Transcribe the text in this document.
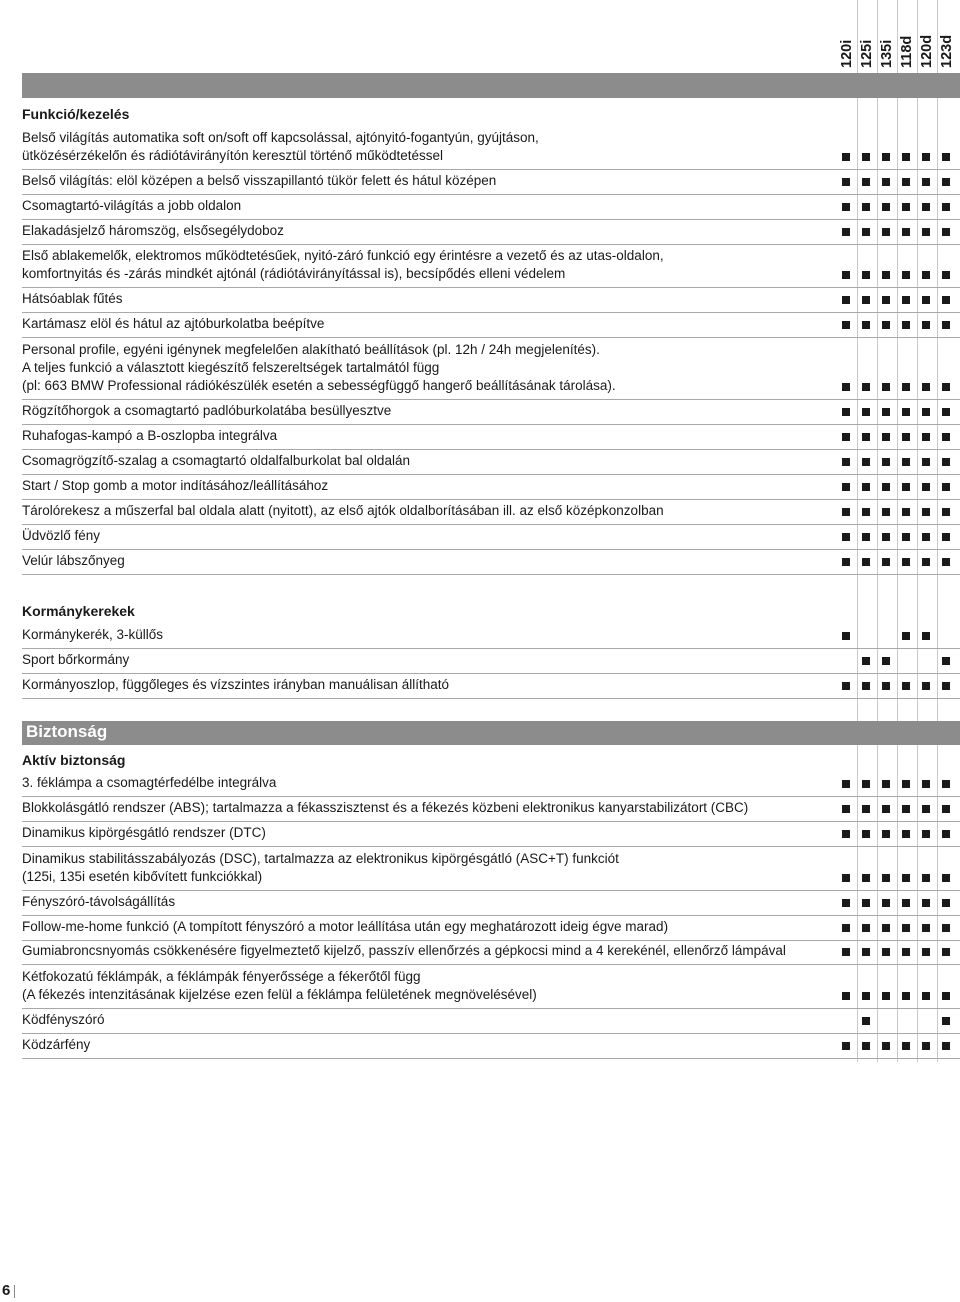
120i 125i 135i 118d 120d 123d
Funkció/kezelés
Belső világítás automatika soft on/soft off kapcsolással, ajtónyitó-fogantyún, gyújtáson,
ütközésérzékelőn és rádiótávirányítón keresztül történő működtetéssel
Belső világítás: elöl középen a belső visszapillantó tükör felett és hátul középen
Csomagtartó-világítás a jobb oldalon
Elakadásjelző háromszög, elsősegélydoboz
Első ablakemelők, elektromos működtetésűek, nyitó-záró funkció egy érintésre a vezető és az utas-oldalon,
komfortnyitás és -zárás mindkét ajtónál (rádiótávirányítással is), becsípődés elleni védelem
Hátsóablak fűtés
Kartámasz elöl és hátul az ajtóburkolatba beépítve
Personal profile, egyéni igénynek megfelelően alakítható beállítások (pl. 12h / 24h megjelenítés).
A teljes funkció a választott kiegészítő felszereltségek tartalmától függ
(pl: 663 BMW Professional rádiókészülék esetén a sebességfüggő hangerő beállításának tárolása).
Rögzítőhorgok a csomagtartó padlóburkolatába besüllyesztve
Ruhafogas-kampó a B-oszlopba integrálva
Csomagrögzítő-szalag a csomagtartó oldalfalburkolat bal oldalán
Start / Stop gomb a motor indításához/leállításához
Tárolórekesz a műszerfal bal oldala alatt (nyitott), az első ajtók oldalborításában ill. az első középkonzolban
Üdvözlő fény
Velúr lábszőnyeg
Kormánykerekek
Kormánykerék, 3-küllős
Sport bőrkormány
Kormányoszlop, függőleges és vízszintes irányban manuálisan állítható
Aktív biztonság
3. féklámpa a csomagtérfedélbe integrálva
Blokkolásgátló rendszer (ABS); tartalmazza a fékasszisztenst és a fékezés közbeni elektronikus kanyarstabilizátort (CBC)
Dinamikus kipörgésgátló rendszer (DTC)
Dinamikus stabilitásszabályozás (DSC), tartalmazza az elektronikus kipörgésgátló (ASC+T) funkciót
(125i, 135i esetén kibővített funkciókkal)
Fényszóró-távolságállítás
Follow-me-home funkció (A tompított fényszóró a motor leállítása után egy meghatározott ideig égve marad)
Gumiabroncsnyomás csökkenésére figyelmeztető kijelző, passzív ellenőrzés a gépkocsi mind a 4 kerekénél, ellenőrző lámpával
Kétfokozatú féklámpák, a féklámpák fényerőssége a fékerőtől függ
(A fékezés intenzitásának kijelzése ezen felül a féklámpa felületének megnövelésével)
Ködfényszóró
Ködzárfény
Biztonság
6
